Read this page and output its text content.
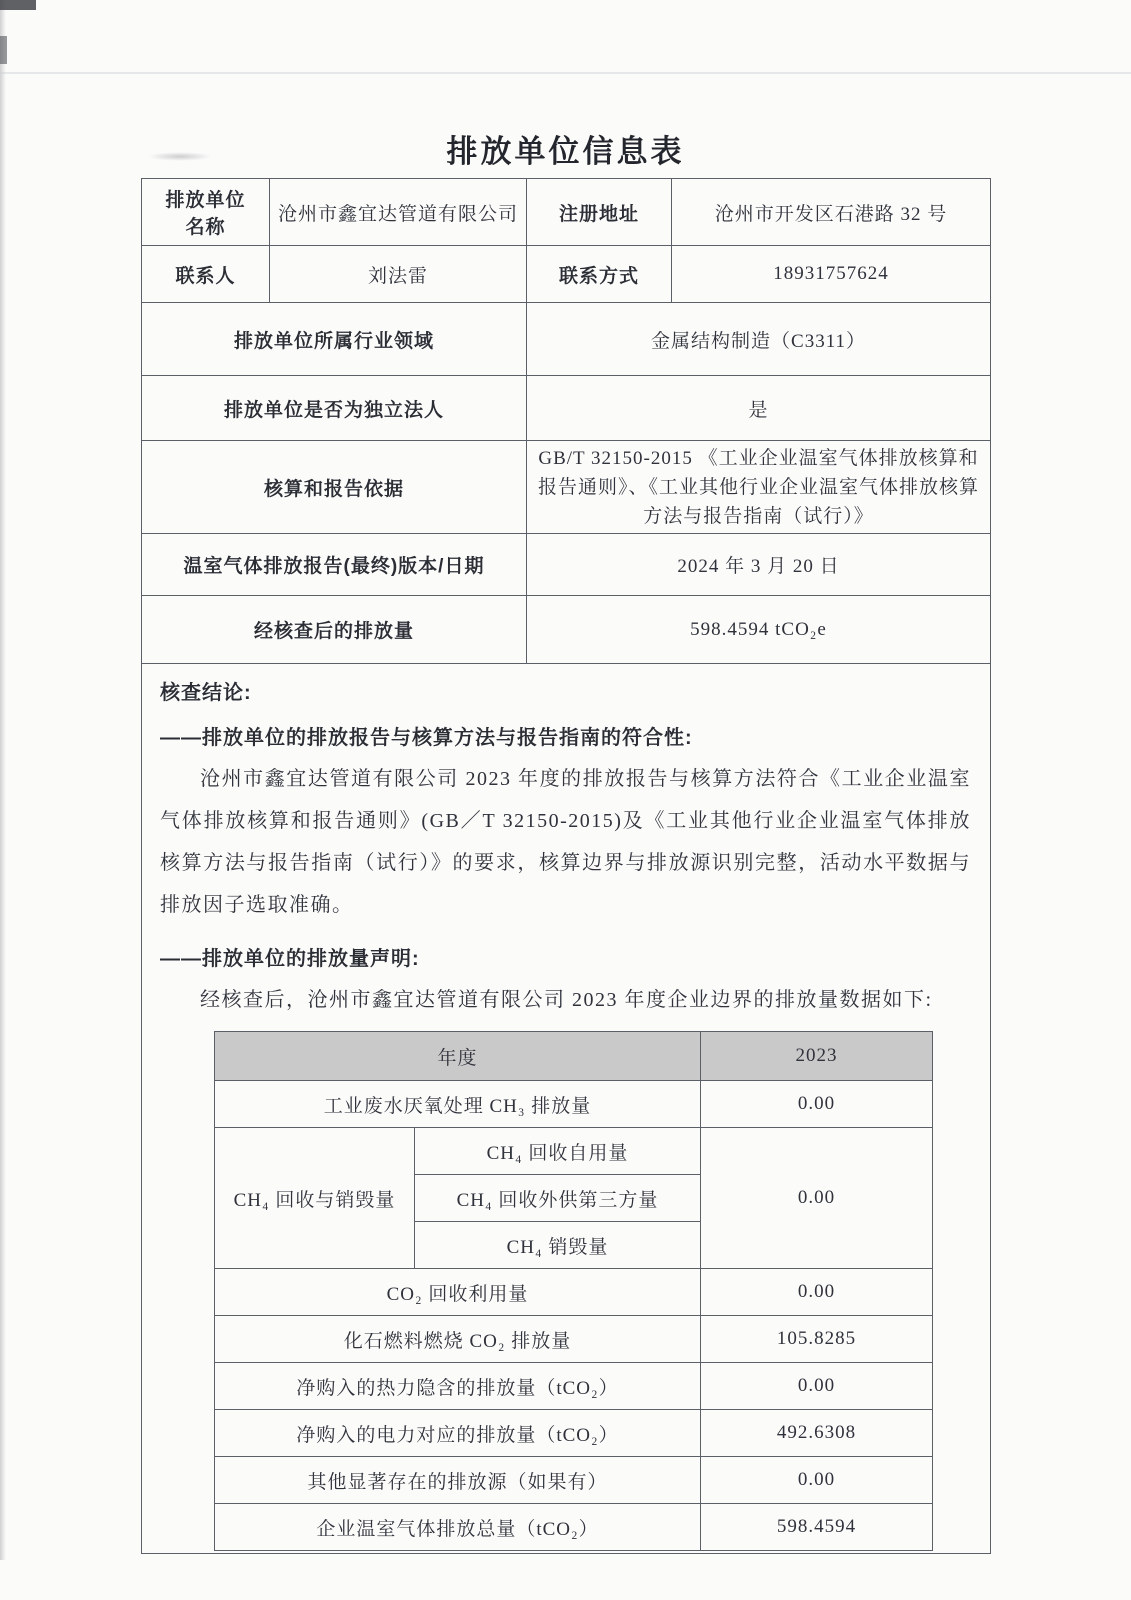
排放单位信息表
排放单位名称	沧州市鑫宜达管道有限公司	注册地址	沧州市开发区石港路 32 号
联系人	刘法雷	联系方式	18931757624
排放单位所属行业领域	金属结构制造（C3311）
排放单位是否为独立法人	是
核算和报告依据	GB/T 32150-2015 《工业企业温室气体排放核算和报告通则》、《工业其他行业企业温室气体排放核算方法与报告指南（试行）》
温室气体排放报告(最终)版本/日期	2024 年 3 月 20 日
经核查后的排放量	598.4594 tCO₂e

核查结论:

——排放单位的排放报告与核算方法与报告指南的符合性:

沧州市鑫宜达管道有限公司 2023 年度的排放报告与核算方法符合《工业企业温室气体排放核算和报告通则》(GB／T 32150-2015)及《工业其他行业企业温室气体排放核算方法与报告指南（试行）》的要求，核算边界与排放源识别完整，活动水平数据与排放因子选取准确。

——排放单位的排放量声明:

经核查后，沧州市鑫宜达管道有限公司 2023 年度企业边界的排放量数据如下:

年度	2023
工业废水厌氧处理 CH₃ 排放量	0.00
CH₄ 回收与销毁量	CH₄ 回收自用量	0.00
CH₄ 回收外供第三方量
CH₄ 销毁量
CO₂ 回收利用量	0.00
化石燃料燃烧 CO₂ 排放量	105.8285
净购入的热力隐含的排放量（tCO₂）	0.00
净购入的电力对应的排放量（tCO₂）	492.6308
其他显著存在的排放源（如果有）	0.00
企业温室气体排放总量（tCO₂）	598.4594
